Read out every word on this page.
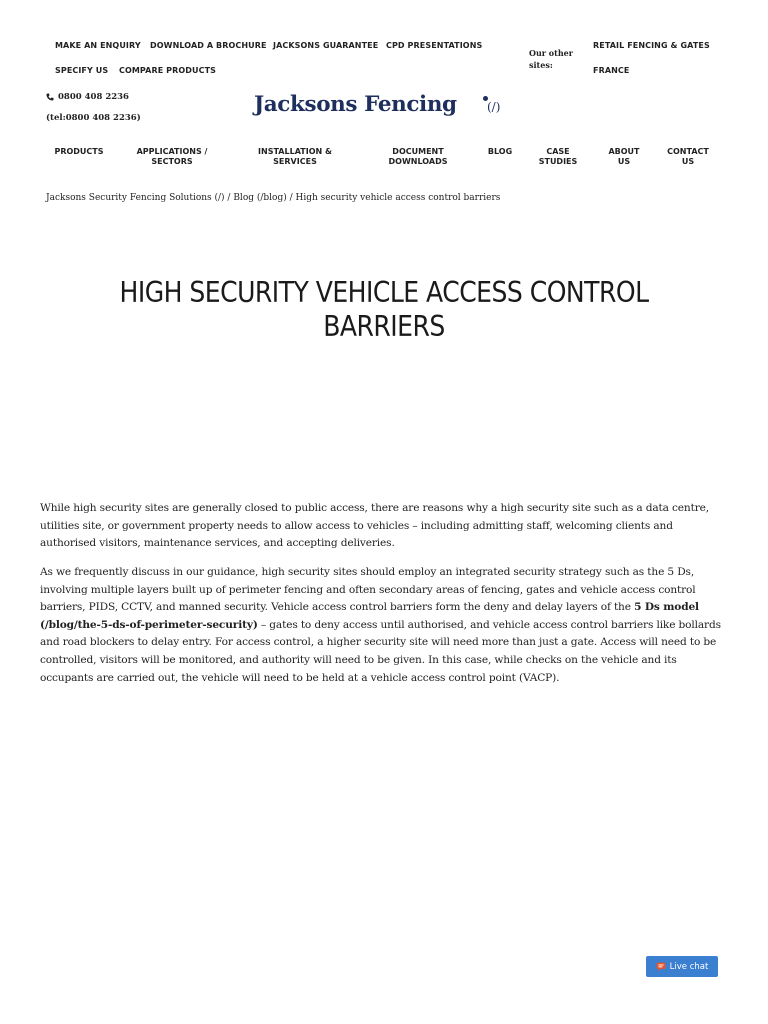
MAKE AN ENQUIRY DOWNLOAD A BROCHURE JACKSONS GUARANTEE CPD PRESENTATIONS
SPECIFY US COMPARE PRODUCTS
Our other
sites:
RETAIL FENCING & GATES
FRANCE
0800 408 2236
(tel:0800 408 2236)
Jacksons Fencing	(/)
PRODUCTS	APPLICATIONS /
SECTORS
INSTALLATION &
SERVICES
DOCUMENT
DOWNLOADS
BLOG	CASE
STUDIES
ABOUT
US
CONTACT
US
Jacksons Security Fencing Solutions (/) / Blog (/blog) / High security vehicle access control barriers
HIGH SECURITY VEHICLE ACCESS CONTROL
BARRIERS

While high security sites are generally closed to public access, there are reasons why a high security site such as a data centre, utilities site, or government property needs to allow access to vehicles – including admitting staff, welcoming clients and authorised visitors, maintenance services, and accepting deliveries.

As we frequently discuss in our guidance, high security sites should employ an integrated security strategy such as the 5 Ds, involving multiple layers built up of perimeter fencing and often secondary areas of fencing, gates and vehicle access control barriers, PIDS, CCTV, and manned security. Vehicle access control barriers form the deny and delay layers of the 5 Ds model (/blog/the-5-ds-of-perimeter-security) – gates to deny access until authorised, and vehicle access control barriers like bollards and road blockers to delay entry. For access control, a higher security site will need more than just a gate. Access will need to be controlled, visitors will be monitored, and authority will need to be given. In this case, while checks on the vehicle and its occupants are carried out, the vehicle will need to be held at a vehicle access control point (VACP).

Live chat
